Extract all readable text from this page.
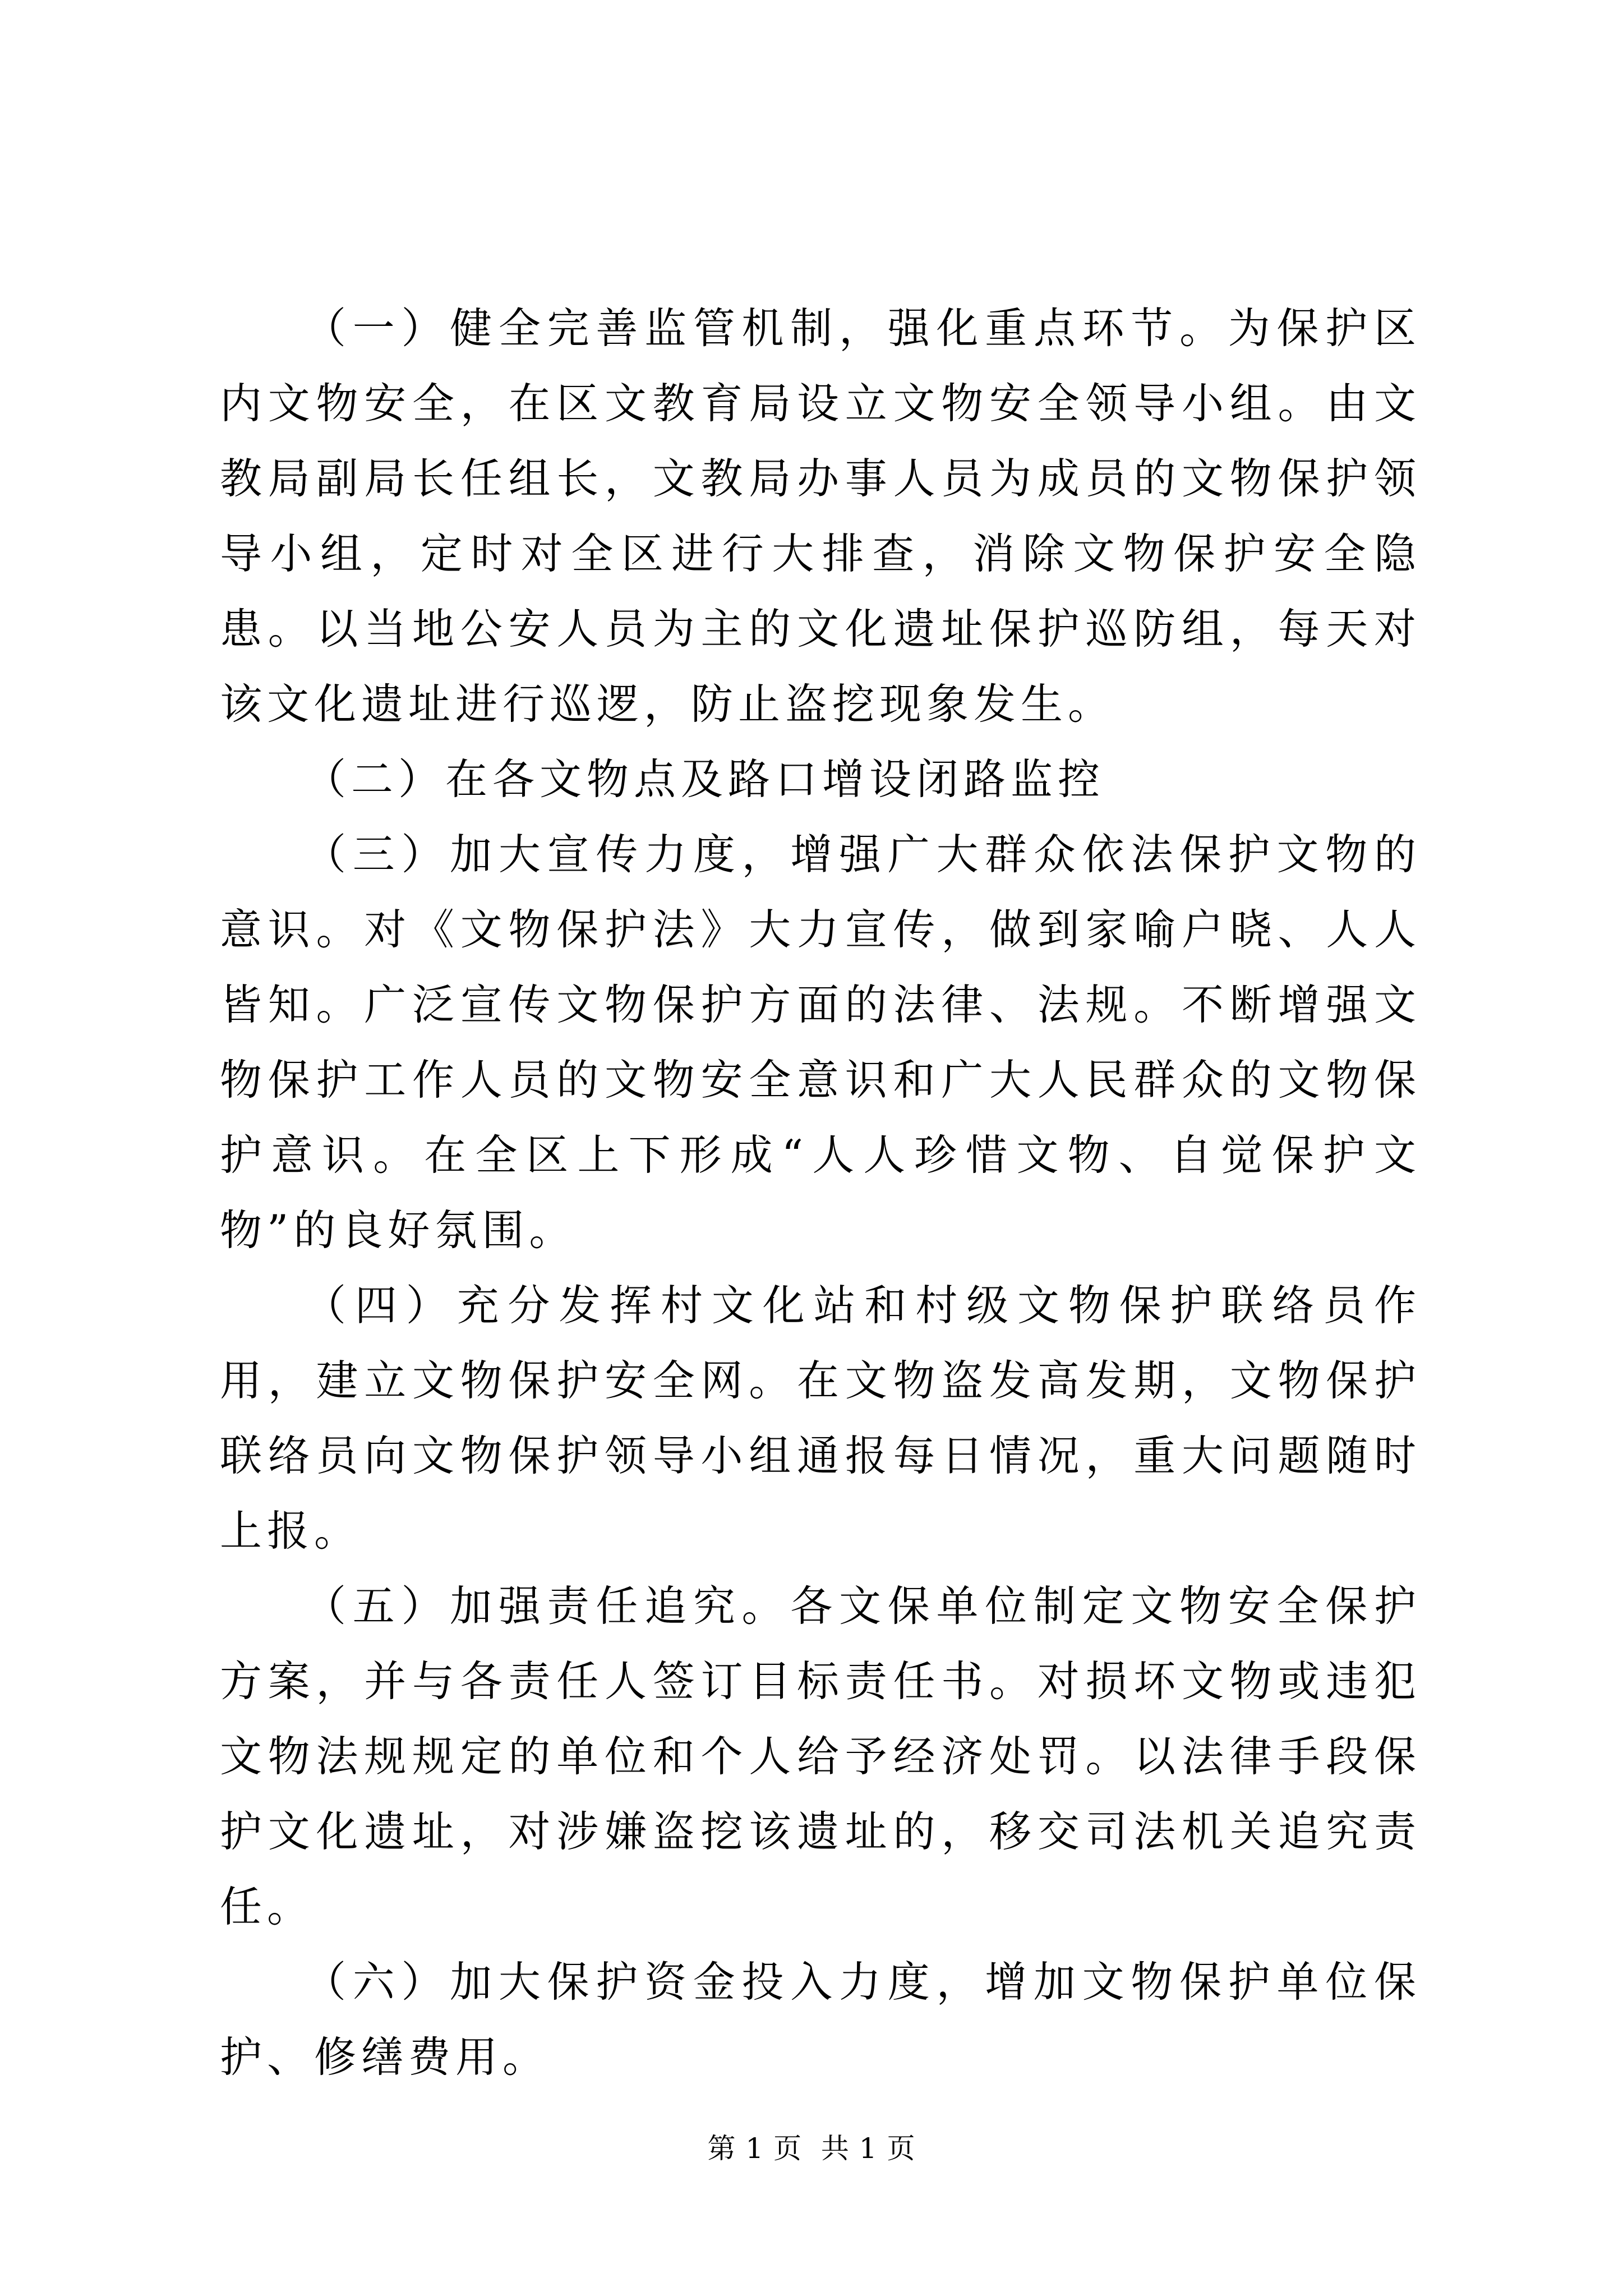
（一）健全完善监管机制，强化重点环节。为保护区内文物安全，在区文教育局设立文物安全领导小组。由文教局副局长任组长，文教局办事人员为成员的文物保护领导小组，定时对全区进行大排查，消除文物保护安全隐患。以当地公安人员为主的文化遗址保护巡防组，每天对该文化遗址进行巡逻，防止盗挖现象发生。

（二）在各文物点及路口增设闭路监控

（三）加大宣传力度，增强广大群众依法保护文物的意识。对《文物保护法》大力宣传，做到家喻户晓、人人皆知。广泛宣传文物保护方面的法律、法规。不断增强文物保护工作人员的文物安全意识和广大人民群众的文物保护意识。在全区上下形成“人人珍惜文物、自觉保护文物”的良好氛围。

（四）充分发挥村文化站和村级文物保护联络员作用，建立文物保护安全网。在文物盗发高发期，文物保护联络员向文物保护领导小组通报每日情况，重大问题随时上报。

（五）加强责任追究。各文保单位制定文物安全保护方案，并与各责任人签订目标责任书。对损坏文物或违犯文物法规规定的单位和个人给予经济处罚。以法律手段保护文化遗址，对涉嫌盗挖该遗址的，移交司法机关追究责任。

（六）加大保护资金投入力度，增加文物保护单位保护、修缮费用。

第 1 页  共 1 页
